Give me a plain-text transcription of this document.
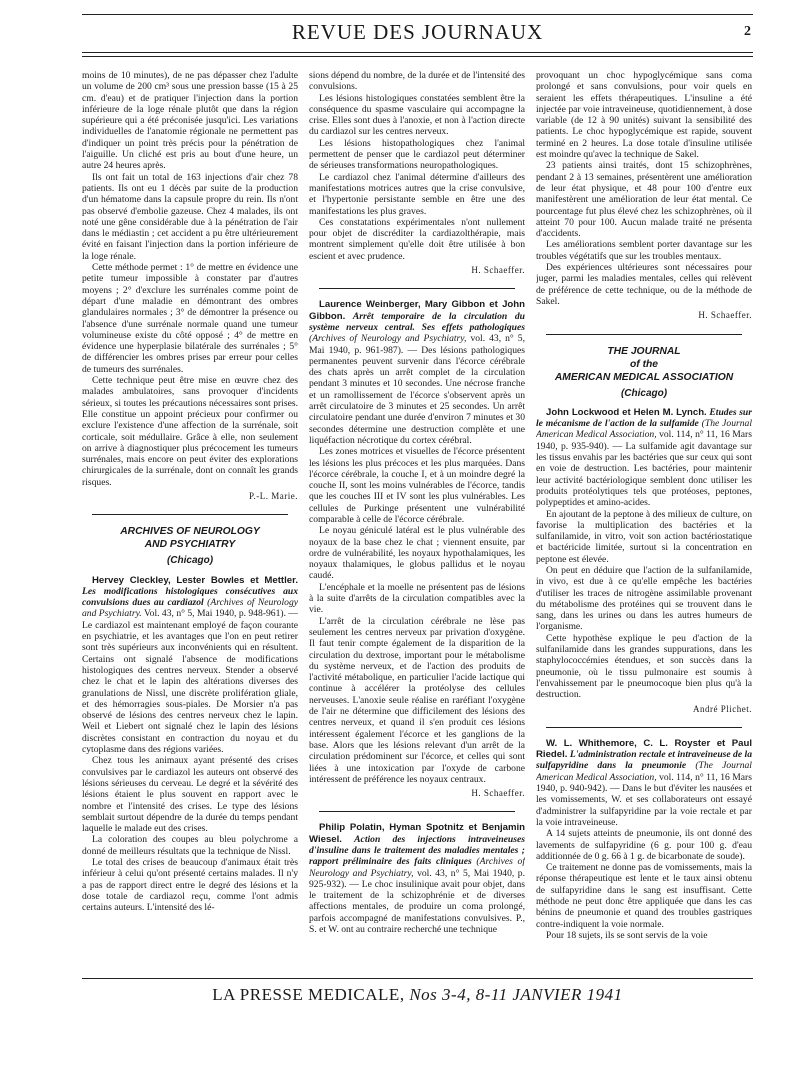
REVUE DES JOURNAUX	2

moins de 10 minutes), de ne pas dépasser chez l'adulte un volume de 200 cm³ sous une pression basse (15 à 25 cm. d'eau) et de pratiquer l'injection dans la portion inférieure de la loge rénale plutôt que dans la région supérieure qui a été préconisée jusqu'ici. Les variations individuelles de l'anatomie régionale ne permettent pas d'indiquer un point très précis pour la pénétration de l'aiguille. Un cliché est pris au bout d'une heure, un autre 24 heures après.

Ils ont fait un total de 163 injections d'air chez 78 patients. Ils ont eu 1 décès par suite de la production d'un hématome dans la capsule propre du rein. Ils n'ont pas observé d'embolie gazeuse. Chez 4 malades, ils ont noté une gêne considérable due à la pénétration de l'air dans le médiastin ; cet accident a pu être ultérieurement évité en faisant l'injection dans la portion inférieure de la loge rénale.

Cette méthode permet : 1° de mettre en évidence une petite tumeur impossible à constater par d'autres moyens ; 2° d'exclure les surrénales comme point de départ d'une maladie en démontrant des ombres glandulaires normales ; 3° de démontrer la présence ou l'absence d'une surrénale normale quand une tumeur volumineuse existe du côté opposé ; 4° de mettre en évidence une hyperplasie bilatérale des surrénales ; 5° de différencier les ombres prises par erreur pour celles de tumeurs des surrénales.

Cette technique peut être mise en œuvre chez des malades ambulatoires, sans provoquer d'incidents sérieux, si toutes les précautions nécessaires sont prises. Elle constitue un appoint précieux pour confirmer ou exclure l'existence d'une affection de la surrénale, soit corticale, soit médullaire. Grâce à elle, non seulement on arrive à diagnostiquer plus précocement les tumeurs surrénales, mais encore on peut éviter des explorations chirurgicales de la surrénale, dont on connaît les grands risques.

P.-L. Marie.
ARCHIVES OF NEUROLOGY
AND PSYCHIATRY
(Chicago)

Hervey Cleckley, Lester Bowles et Mettler. Les modifications histologiques consécutives aux convulsions dues au cardiazol (Archives of Neurology and Psychiatry. Vol. 43, n° 5, Mai 1940, p. 948-961). — Le cardiazol est maintenant employé de façon courante en psychiatrie, et les avantages que l'on en peut retirer sont très supérieurs aux inconvénients qui en résultent. Certains ont signalé l'absence de modifications histologiques des centres nerveux. Stender a observé chez le chat et le lapin des altérations diverses des granulations de Nissl, une discrète prolifération gliale, et des hémorragies sous-piales. De Morsier n'a pas observé de lésions des centres nerveux chez le lapin. Weil et Liebert ont signalé chez le lapin des lésions discrètes consistant en contraction du noyau et du cytoplasme dans des régions variées.

Chez tous les animaux ayant présenté des crises convulsives par le cardiazol les auteurs ont observé des lésions sérieuses du cerveau. Le degré et la sévérité des lésions étaient le plus souvent en rapport avec le nombre et l'intensité des crises. Le type des lésions semblait surtout dépendre de la durée du temps pendant laquelle le malade eut des crises.

La coloration des coupes au bleu polychrome a donné de meilleurs résultats que la technique de Nissl.

Le total des crises de beaucoup d'animaux était très inférieur à celui qu'ont présenté certains malades. Il n'y a pas de rapport direct entre le degré des lésions et la dose totale de cardiazol reçu, comme l'ont admis certains auteurs. L'intensité des lé-

sions dépend du nombre, de la durée et de l'intensité des convulsions.

Les lésions histologiques constatées semblent être la conséquence du spasme vasculaire qui accompagne la crise. Elles sont dues à l'anoxie, et non à l'action directe du cardiazol sur les centres nerveux.

Les lésions histopathologiques chez l'animal permettent de penser que le cardiazol peut déterminer de sérieuses transformations neuropathologiques.

Le cardiazol chez l'animal détermine d'ailleurs des manifestations motrices autres que la crise convulsive, et l'hypertonie persistante semble en être une des manifestations les plus graves.

Ces constatations expérimentales n'ont nullement pour objet de discréditer la cardiazolthérapie, mais montrent simplement qu'elle doit être utilisée à bon escient et avec prudence.

H. Schaeffer.

Laurence Weinberger, Mary Gibbon et John Gibbon. Arrêt temporaire de la circulation du système nerveux central. Ses effets pathologiques (Archives of Neurology and Psychiatry, vol. 43, n° 5, Mai 1940, p. 961-987). — Des lésions pathologiques permanentes peuvent survenir dans l'écorce cérébrale des chats après un arrêt complet de la circulation pendant 3 minutes et 10 secondes. Une nécrose franche et un ramollissement de l'écorce s'observent après un arrêt circulatoire de 3 minutes et 25 secondes. Un arrêt circulatoire pendant une durée d'environ 7 minutes et 30 secondes détermine une destruction complète et une liquéfaction nécrotique du cortex cérébral.

Les zones motrices et visuelles de l'écorce présentent les lésions les plus précoces et les plus marquées. Dans l'écorce cérébrale, la couche I, et à un moindre degré la couche II, sont les moins vulnérables de l'écorce, tandis que les couches III et IV sont les plus vulnérables. Les cellules de Purkinge présentent une vulnérabilité comparable à celle de l'écorce cérébrale.

Le noyau géniculé latéral est le plus vulnérable des noyaux de la base chez le chat ; viennent ensuite, par ordre de vulnérabilité, les noyaux hypothalamiques, les noyaux thalamiques, le globus pallidus et le noyau caudé.

L'encéphale et la moelle ne présentent pas de lésions à la suite d'arrêts de la circulation compatibles avec la vie.

L'arrêt de la circulation cérébrale ne lèse pas seulement les centres nerveux par privation d'oxygène. Il faut tenir compte également de la disparition de la circulation du dextrose, important pour le métabolisme du système nerveux, et de l'action des produits de l'activité métabolique, en particulier l'acide lactique qui continue à accélérer la protéolyse des cellules nerveuses. L'anoxie seule réalise en raréfiant l'oxygène de l'air ne détermine que difficilement des lésions des centres nerveux, et quand il s'en produit ces lésions intéressent également l'écorce et les ganglions de la base. Alors que les lésions relevant d'un arrêt de la circulation prédominent sur l'écorce, et celles qui sont liées à une intoxication par l'oxyde de carbone intéressent de préférence les noyaux centraux.

H. Schaeffer.

Philip Polatin, Hyman Spotnitz et Benjamin Wiesel. Action des injections intraveineuses d'insuline dans le traitement des maladies mentales ; rapport préliminaire des faits cliniques (Archives of Neurology and Psychiatry, vol. 43, n° 5, Mai 1940, p. 925-932). — Le choc insulinique avait pour objet, dans le traitement de la schizophrénie et de diverses affections mentales, de produire un coma prolongé, parfois accompagné de manifestations convulsives. P., S. et W. ont au contraire recherché une technique

provoquant un choc hypoglycémique sans coma prolongé et sans convulsions, pour voir quels en seraient les effets thérapeutiques. L'insuline a été injectée par voie intraveineuse, quotidiennement, à dose variable (de 12 à 90 unités) suivant la sensibilité des patients. Le choc hypoglycémique est rapide, souvent terminé en 2 heures. La dose totale d'insuline utilisée est moindre qu'avec la technique de Sakel.

23 patients ainsi traités, dont 15 schizophrènes, pendant 2 à 13 semaines, présentèrent une amélioration de leur état physique, et 48 pour 100 d'entre eux manifestèrent une amélioration de leur état mental. Ce pourcentage fut plus élevé chez les schizophrènes, où il atteint 70 pour 100. Aucun malade traité ne présenta d'accidents.

Les améliorations semblent porter davantage sur les troubles végétatifs que sur les troubles mentaux.

Des expériences ultérieures sont nécessaires pour juger, parmi les maladies mentales, celles qui relèvent de préférence de cette technique, ou de la méthode de Sakel.

H. Schaeffer.
THE JOURNAL
of the
AMERICAN MEDICAL ASSOCIATION
(Chicago)

John Lockwood et Helen M. Lynch. Etudes sur le mécanisme de l'action de la sulfamide (The Journal American Medical Association, vol. 114, n° 11, 16 Mars 1940, p. 935-940). — La sulfamide agit davantage sur les tissus envahis par les bactéries que sur ceux qui sont en voie de destruction. Les bactéries, pour maintenir leur activité bactériologique semblent donc utiliser les produits protéolytiques tels que protéoses, peptones, polypeptides et amino-acides.

En ajoutant de la peptone à des milieux de culture, on favorise la multiplication des bactéries et la sulfanilamide, in vitro, voit son action bactériostatique et bactéricide limitée, surtout si la concentration en peptone est élevée.

On peut en déduire que l'action de la sulfanilamide, in vivo, est due à ce qu'elle empêche les bactéries d'utiliser les traces de nitrogène assimilable provenant du métabolisme des protéines qui se trouvent dans le sang, dans les urines ou dans les autres humeurs de l'organisme.

Cette hypothèse explique le peu d'action de la sulfanilamide dans les grandes suppurations, dans les staphylococcémies étendues, et son succès dans la pneumonie, où le tissu pulmonaire est soumis à l'envahissement par le pneumocoque bien plus qu'à la destruction.

André Plichet.

W. L. Whithemore, C. L. Royster et Paul Riedel. L'administration rectale et intraveineuse de la sulfapyridine dans la pneumonie (The Journal American Medical Association, vol. 114, n° 11, 16 Mars 1940, p. 940-942). — Dans le but d'éviter les nausées et les vomissements, W. et ses collaborateurs ont essayé d'administrer la sulfapyridine par la voie rectale et par la voie intraveineuse.

A 14 sujets atteints de pneumonie, ils ont donné des lavements de sulfapyridine (6 g. pour 100 g. d'eau additionnée de 0 g. 66 à 1 g. de bicarbonate de soude).

Ce traitement ne donne pas de vomissements, mais la réponse thérapeutique est lente et le taux ainsi obtenu de sulfapyridine dans le sang est insuffisant. Cette méthode ne peut donc être appliquée que dans les cas bénins de pneumonie et quand des troubles gastriques contre-indiquent la voie normale.

Pour 18 sujets, ils se sont servis de la voie

LA PRESSE MEDICALE, Nos 3-4, 8-11 JANVIER 1941
